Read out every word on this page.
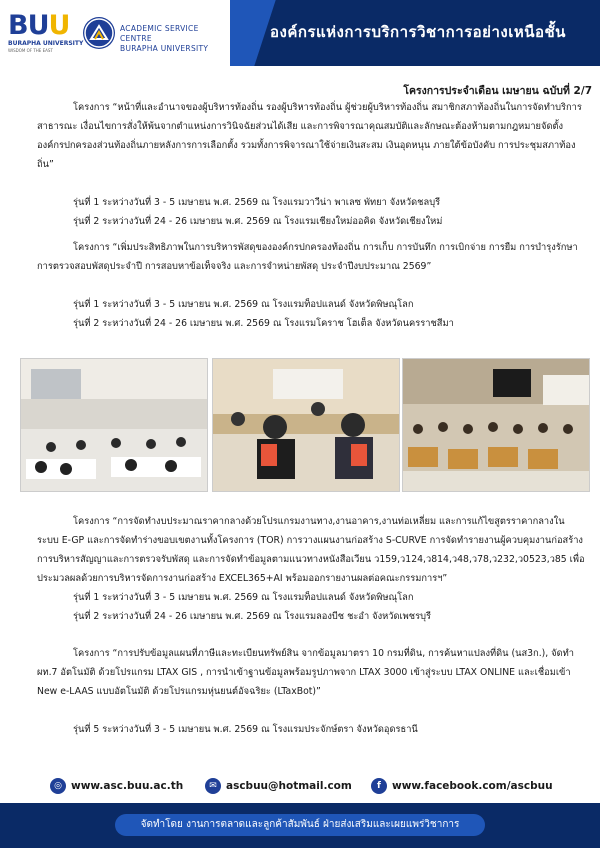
BUU
BURAPHA UNIVERSITY
WISDOM OF THE EAST
ACADEMIC SERVICE CENTRE
BURAPHA UNIVERSITY
องค์กรแห่งการบริการวิชาการอย่างเหนือชั้น
โครงการประจำเดือน เมษายน ฉบับที่ 2/7

โครงการ “หน้าที่และอำนาจของผู้บริหารท้องถิ่น รองผู้บริหารท้องถิ่น ผู้ช่วยผู้บริหารท้องถิ่น สมาชิกสภาท้องถิ่นในการจัดทำบริการสาธารณะ เงื่อนไขการสั่งให้พ้นจากตำแหน่งการวินิจฉัยส่วนได้เสีย และการพิจารณาคุณสมบัติและลักษณะต้องห้ามตามกฎหมายจัดตั้งองค์กรปกครองส่วนท้องถิ่นภายหลังการการเลือกตั้ง รวมทั้งการพิจารณาใช้จ่ายเงินสะสม เงินอุดหนุน ภายใต้ข้อบังคับ การประชุมสภาท้องถิ่น”

รุ่นที่ 1 ระหว่างวันที่ 3 - 5 เมษายน พ.ศ. 2569 ณ โรงแรมวาวีน่า พาเลซ พัทยา จังหวัดชลบุรี
รุ่นที่ 2 ระหว่างวันที่ 24 - 26 เมษายน พ.ศ. 2569 ณ โรงแรมเชียงใหม่ออคิด จังหวัดเชียงใหม่

โครงการ “เพิ่มประสิทธิภาพในการบริหารพัสดุขององค์กรปกครองท้องถิ่น การเก็บ การบันทึก การเบิกจ่าย การยืม การบำรุงรักษา การตรวจสอบพัสดุประจำปี การสอบหาข้อเท็จจริง และการจำหน่ายพัสดุ ประจำปีงบประมาณ 2569”

รุ่นที่ 1 ระหว่างวันที่ 3 - 5 เมษายน พ.ศ. 2569 ณ โรงแรมท็อปแลนด์ จังหวัดพิษณุโลก
รุ่นที่ 2 ระหว่างวันที่ 24 - 26 เมษายน พ.ศ. 2569 ณ โรงแรมโคราช โฮเต็ล จังหวัดนครราชสีมา

โครงการ “การจัดทำงบประมาณราคากลางด้วยโปรแกรมงานทาง,งานอาคาร,งานท่อเหลี่ยม และการแก้ไขสูตรราคากลางในระบบ E-GP และการจัดทำร่างขอบเขตงานทั้งโครงการ (TOR) การวางแผนงานก่อสร้าง S-CURVE การจัดทำรายงานผู้ควบคุมงานก่อสร้าง การบริหารสัญญาและการตรวจรับพัสดุ และการจัดทำข้อมูลตามแนวทางหนังสือเวียน ว159,ว124,ว814,ว48,ว78,ว232,ว0523,ว85 เพื่อประมวลผลด้วยการบริหารจัดการงานก่อสร้าง EXCEL365+AI พร้อมออกรายงานผลต่อคณะกรรมการฯ”

รุ่นที่ 1 ระหว่างวันที่ 3 - 5 เมษายน พ.ศ. 2569 ณ โรงแรมท็อปแลนด์ จังหวัดพิษณุโลก
รุ่นที่ 2 ระหว่างวันที่ 24 - 26 เมษายน พ.ศ. 2569 ณ โรงแรมลองบีช ชะอำ จังหวัดเพชรบุรี

โครงการ “การปรับข้อมูลแผนที่ภาษีและทะเบียนทรัพย์สิน จากข้อมูลมาตรา 10 กรมที่ดิน, การค้นหาแปลงที่ดิน (นส3ก.), จัดทำ ผท.7 อัตโนมัติ ด้วยโปรแกรม LTAX GIS , การนำเข้าฐานข้อมูลพร้อมรูปภาพจาก LTAX 3000 เข้าสู่ระบบ LTAX ONLINE และเชื่อมเข้า New e-LAAS แบบอัตโนมัติ ด้วยโปรแกรมหุ่นยนต์อัจฉริยะ (LTaxBot)”

รุ่นที่ 5 ระหว่างวันที่ 3 - 5 เมษายน พ.ศ. 2569 ณ โรงแรมประจักษ์ตรา จังหวัดอุดรธานี
◎ www.asc.buu.ac.th	✉ ascbuu@hotmail.com	f www.facebook.com/ascbuu
จัดทำโดย งานการตลาดและลูกค้าสัมพันธ์ ฝ่ายส่งเสริมและเผยแพร่วิชาการ
